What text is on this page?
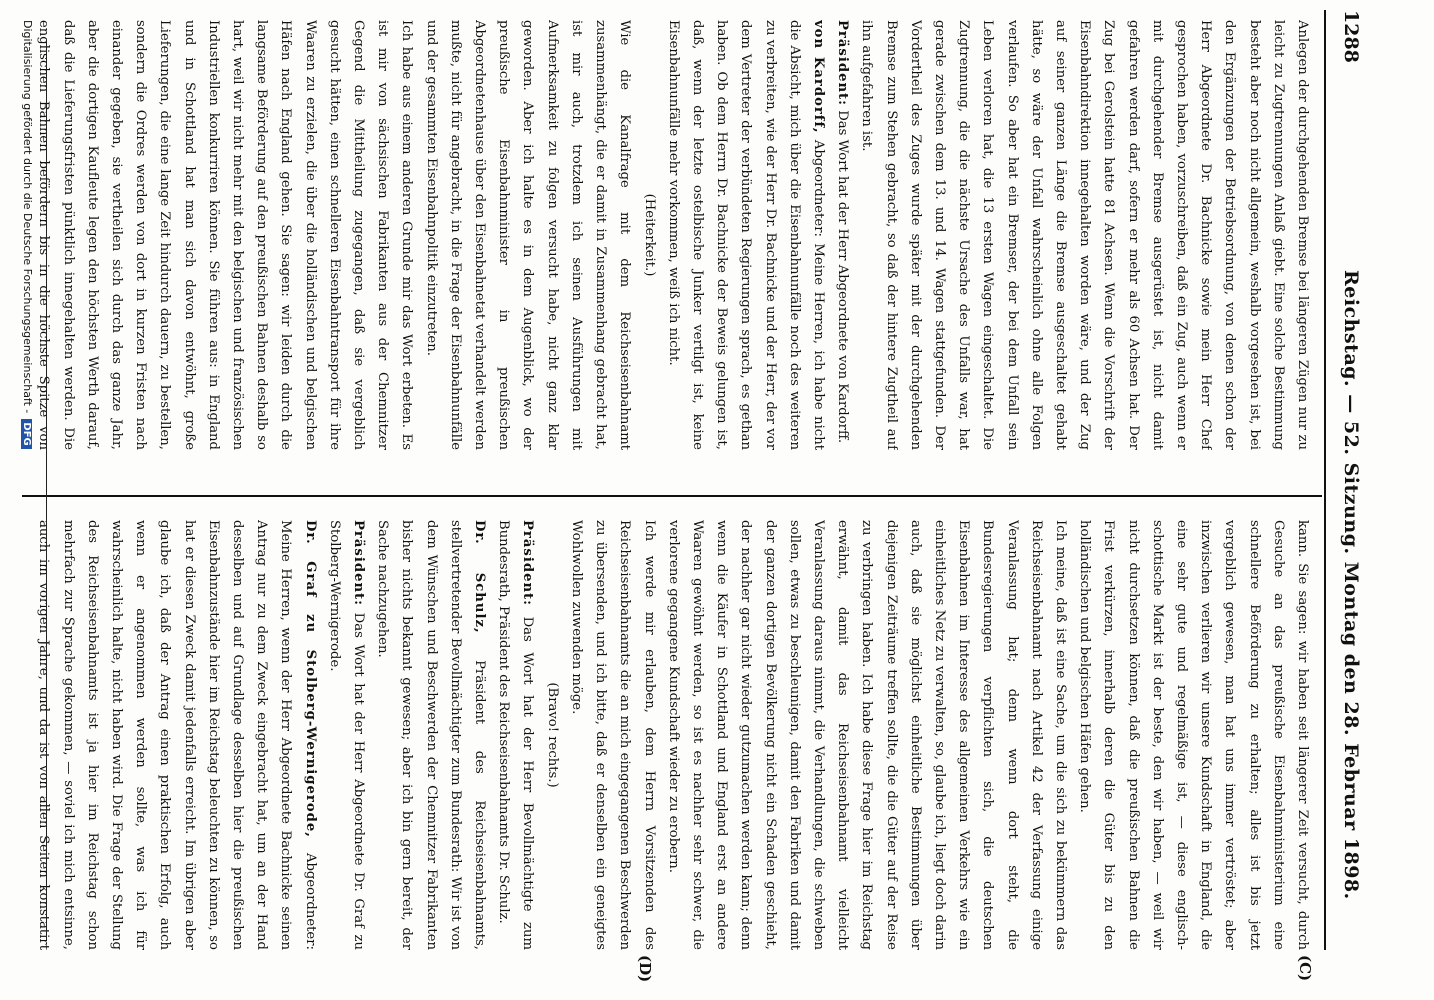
1288
Reichstag. — 52. Sitzung. Montag den 28. Februar 1898.
(C)
(D)

Anlegen der durchgehenden Bremse bei längeren Zügen nur zu leicht zu Zugtrennungen Anlaß giebt. Eine solche Bestimmung besteht aber noch nicht allgemein, weshalb vorgesehen ist, bei den Ergänzungen der Betriebsordnung, von denen schon der Herr Abgeordnete Dr. Bachnicke sowie mein Herr Chef gesprochen haben, vorzuschreiben, daß ein Zug, auch wenn er mit durchgehender Bremse ausgerüstet ist, nicht damit gefahren werden darf, sofern er mehr als 60 Achsen hat. Der Zug bei Gerolstein hatte 81 Achsen. Wenn die Vorschrift der Eisenbahndirektion innegehalten worden wäre, und der Zug auf seiner ganzen Länge die Bremse ausgeschaltet gehabt hätte, so wäre der Unfall wahrscheinlich ohne alle Folgen verlaufen. So aber hat ein Bremser, der bei dem Unfall sein Leben verloren hat, die 13 ersten Wagen eingeschaltet. Die Zugtrennung, die die nächste Ursache des Unfalls war, hat gerade zwischen dem 13. und 14. Wagen stattgefunden. Der Vordertheil des Zuges wurde später mit der durchgehenden Bremse zum Stehen gebracht, so daß der hintere Zugtheil auf ihn aufgefahren ist.

Präsident: Das Wort hat der Herr Abgeordnete von Kardorff.

von Kardorff, Abgeordneter: Meine Herren, ich habe nicht die Absicht, mich über die Eisenbahnunfälle noch des weiteren zu verbreiten, wie der Herr Dr. Bachnicke und der Herr, der vor dem Vertreter der verbündeten Regierungen sprach, es gethan haben. Ob dem Herrn Dr. Bachnicke der Beweis gelungen ist, daß, wenn der letzte ostelbische Junker vertilgt ist, keine Eisenbahnunfälle mehr vorkommen, weiß ich nicht.

(Heiterkeit.)

Wie die Kanalfrage mit dem Reichseisenbahnamt zusammenhängt, die er damit in Zusammenhang gebracht hat, ist mir auch, trotzdem ich seinen Ausführungen mit Aufmerksamkeit zu folgen versucht habe, nicht ganz klar geworden. Aber ich halte es in dem Augenblick, wo der preußische Eisenbahnminister in preußischen Abgeordnetenhause über den Eisenbahnetat verhandelt werden mußte, nicht für angebracht, in die Frage der Eisenbahnunfälle und der gesammten Eisenbahnpolitik einzutreten.

Ich habe aus einem anderen Grunde mir das Wort erbeten. Es ist mir von sächsischen Fabrikanten aus der Chemnitzer Gegend die Mittheilung zugegangen, daß sie vergeblich gesucht hätten, einen schnelleren Eisenbahntransport für ihre Waaren zu erzielen, die über die holländischen und belgischen Häfen nach England gehen. Sie sagen: wir leiden durch die langsame Beförderung auf den preußischen Bahnen deshalb so hart, weil wir nicht mehr mit den belgischen und französischen Industriellen konkurriren können. Sie führen aus: in England und in Schottland hat man sich davon entwöhnt, große Lieferungen, die eine lange Zeit hindurch dauern, zu bestellen, sondern die Ordres werden von dort in kurzen Fristen nach einander gegeben, sie vertheilen sich durch das ganze Jahr, aber die dortigen Kaufleute legen den höchsten Werth darauf, daß die Lieferungsfristen pünktlich innegehalten werden. Die englischen Bahnen befördern bis in die höchste Spitze von

kann. Sie sagen: wir haben seit längerer Zeit versucht, durch Gesuche an das preußische Eisenbahnministerium eine schnellere Beförderung zu erhalten; alles ist bis jetzt vergeblich gewesen, man hat uns immer vertröstet; aber inzwischen verlieren wir unsere Kundschaft in England, die eine sehr gute und regelmäßige ist, — diese englisch-schottische Markt ist der beste, den wir haben, — weil wir nicht durchsetzen können, daß die preußischen Bahnen die Frist verkürzen, innerhalb deren die Güter bis zu den holländischen und belgischen Häfen gehen.

Ich meine, daß ist eine Sache, um die sich zu bekümmern das Reichseisenbahnamt nach Artikel 42 der Verfassung einige Veranlassung hat; denn wenn dort steht, die Bundesregierungen verpflichten sich, die deutschen Eisenbahnen im Interesse des allgemeinen Verkehrs wie ein einheitliches Netz zu verwalten, so, glaube ich, liegt doch darin auch, daß sie möglichst einheitliche Bestimmungen über diejenigen Zeiträume treffen sollte, die die Güter auf der Reise zu verbringen haben. Ich habe diese Frage hier im Reichstag erwähnt, damit das Reichseisenbahnamt vielleicht Veranlassung daraus nimmt, die Verhandlungen, die schweben sollen, etwas zu beschleunigen, damit den Fabriken und damit der ganzen dortigen Bevölkerung nicht ein Schaden geschieht, der nachher gar nicht wieder gutzumachen werden kann; denn wenn die Käufer in Schottland und England erst an andere Waaren gewöhnt werden, so ist es nachher sehr schwer, die verlorene gegangene Kundschaft wieder zu erobern.

Ich werde mir erlauben, dem Herrn Vorsitzenden des Reichseisenbahnamts die an mich eingegangenen Beschwerden zu übersenden, und ich bitte, daß er denselben ein geneigtes Wohlwollen zuwenden möge.

(Bravo! rechts.)

Präsident: Das Wort hat der Herr Bevollmächtigte zum Bundesrath, Präsident des Reichseisenbahnamts Dr. Schulz.

Dr. Schulz, Präsident des Reichseisenbahnamts, stellvertretender Bevollmächtigter zum Bundesrath: Wir ist von dem Wünschen und Beschwerden der Chemnitzer Fabrikanten bisher nichts bekannt gewesen; aber ich bin gern bereit, der Sache nachzugehen.

Präsident: Das Wort hat der Herr Abgeordnete Dr. Graf zu Stolberg-Wernigerode.

Dr. Graf zu Stolberg-Wernigerode, Abgeordneter: Meine Herren, wenn der Herr Abgeordnete Bachnicke seinen Antrag nur zu dem Zweck eingebracht hat, um an der Hand desselben und auf Grundlage desselben hier die preußischen Eisenbahnzustände hier im Reichstag beleuchten zu können, so hat er diesen Zweck damit jedenfalls erreicht. Im übrigen aber glaube ich, daß der Antrag einen praktischen Erfolg, auch wenn er angenommen werden sollte, was ich für wahrscheinlich halte, nicht haben wird. Die Frage der Stellung des Reichseisenbahnamts ist ja hier im Reichstag schon mehrfach zur Sprache gekommen, — soviel ich mich entsinne, auch im vorigen Jahre, und da ist von allen Seiten konstatirt

Digitalisierung gefördert durch die Deutsche Forschungsgemeinschaft -DFG
